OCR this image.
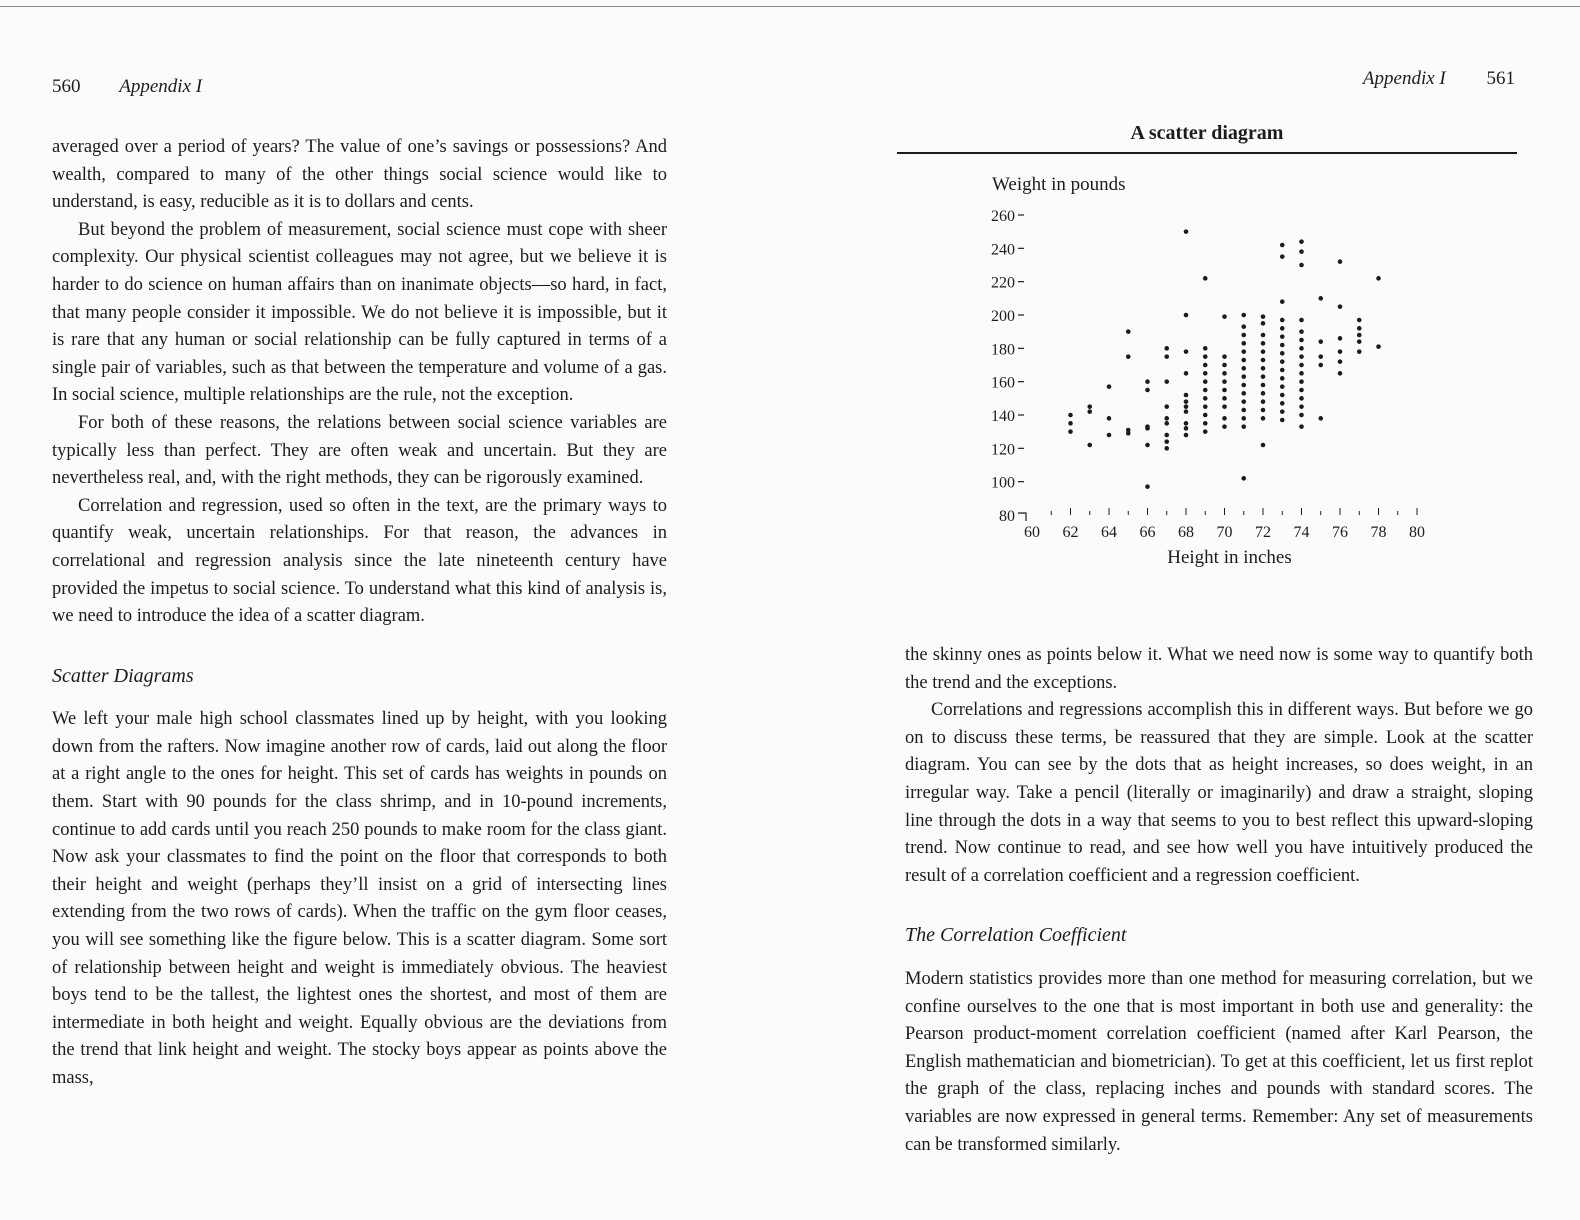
560 Appendix I

averaged over a period of years? The value of one’s savings or possessions? And wealth, compared to many of the other things social science would like to understand, is easy, reducible as it is to dollars and cents.

But beyond the problem of measurement, social science must cope with sheer complexity. Our physical scientist colleagues may not agree, but we believe it is harder to do science on human affairs than on inanimate objects—so hard, in fact, that many people consider it impossible. We do not believe it is impossible, but it is rare that any human or social relationship can be fully captured in terms of a single pair of variables, such as that between the temperature and volume of a gas. In social science, multiple relationships are the rule, not the exception.

For both of these reasons, the relations between social science variables are typically less than perfect. They are often weak and uncertain. But they are nevertheless real, and, with the right methods, they can be rigorously examined.

Correlation and regression, used so often in the text, are the primary ways to quantify weak, uncertain relationships. For that reason, the advances in correlational and regression analysis since the late nineteenth century have provided the impetus to social science. To understand what this kind of analysis is, we need to introduce the idea of a scatter diagram.

Scatter Diagrams

We left your male high school classmates lined up by height, with you looking down from the rafters. Now imagine another row of cards, laid out along the floor at a right angle to the ones for height. This set of cards has weights in pounds on them. Start with 90 pounds for the class shrimp, and in 10-pound increments, continue to add cards until you reach 250 pounds to make room for the class giant. Now ask your classmates to find the point on the floor that corresponds to both their height and weight (perhaps they’ll insist on a grid of intersecting lines extending from the two rows of cards). When the traffic on the gym floor ceases, you will see something like the figure below. This is a scatter diagram. Some sort of relationship between height and weight is immediately obvious. The heaviest boys tend to be the tallest, the lightest ones the shortest, and most of them are intermediate in both height and weight. Equally obvious are the deviations from the trend that link height and weight. The stocky boys appear as points above the mass,

Appendix I 561
A scatter diagram
Weight in pounds
80
100
120
140
160
180
200
220
240
260
60 62 64 66 68 70 72 74 76 78 80
Height in inches

the skinny ones as points below it. What we need now is some way to quantify both the trend and the exceptions.

Correlations and regressions accomplish this in different ways. But before we go on to discuss these terms, be reassured that they are simple. Look at the scatter diagram. You can see by the dots that as height increases, so does weight, in an irregular way. Take a pencil (literally or imaginarily) and draw a straight, sloping line through the dots in a way that seems to you to best reflect this upward-sloping trend. Now continue to read, and see how well you have intuitively produced the result of a correlation coefficient and a regression coefficient.

The Correlation Coefficient

Modern statistics provides more than one method for measuring correlation, but we confine ourselves to the one that is most important in both use and generality: the Pearson product-moment correlation coefficient (named after Karl Pearson, the English mathematician and biometrician). To get at this coefficient, let us first replot the graph of the class, replacing inches and pounds with standard scores. The variables are now expressed in general terms. Remember: Any set of measurements can be transformed similarly.
